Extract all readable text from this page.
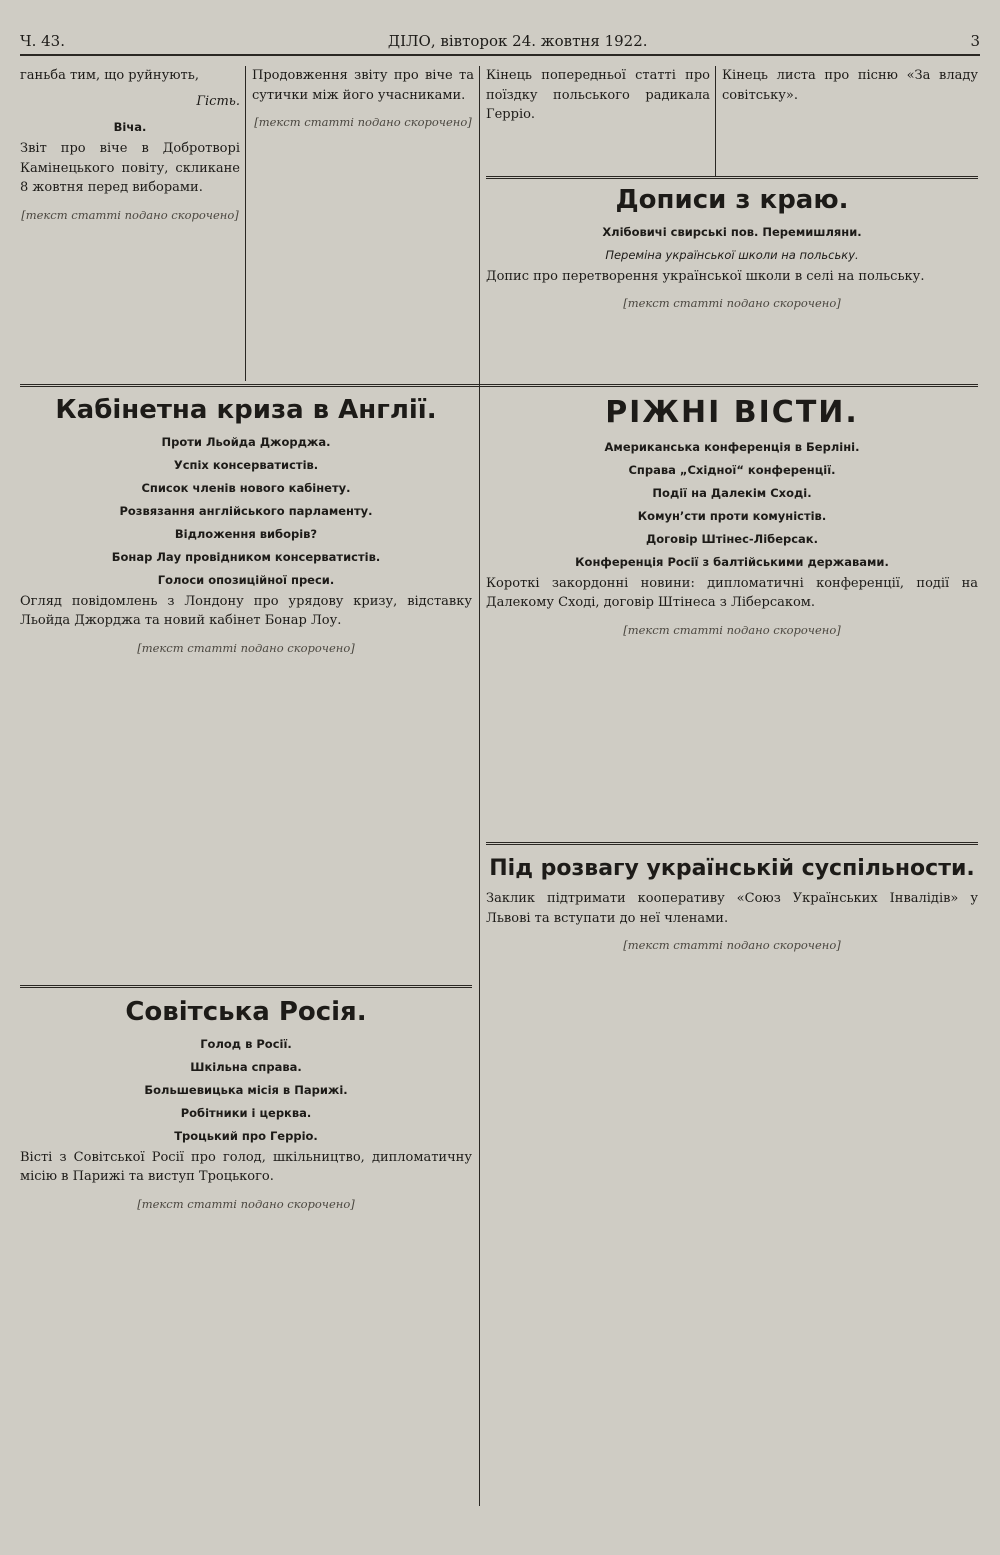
Ч. 43.	ДІЛО, вівторок 24. жовтня 1922.	3

ганьба тим, що руйнують,

Гість.

Віча.

Звіт про віче в Добротворі Камінецького повіту, скликане 8 жовтня перед виборами.

[текст статті подано скорочено]

Продовження звіту про віче та сутички між його учасниками.

[текст статті подано скорочено]

Кінець попередньої статті про поїздку польського радикала Герріо.

Кінець листа про пісню «За владу совітську».

Дописи з краю.
Хлібовичі свирські пов. Перемишляни.
Переміна української школи на польську.

Допис про перетворення української школи в селі на польську.

[текст статті подано скорочено]

Кабінетна криза в Англії.
Проти Льойда Джорджа.
Успіх консерватистів.
Список членів нового кабінету.
Розвязання англійського парламенту.
Відложення виборів?
Бонар Лау провідником консерватистів.
Голоси опозиційної преси.

Огляд повідомлень з Лондону про урядову кризу, відставку Льойда Джорджа та новий кабінет Бонар Лоу.

[текст статті подано скорочено]

РІЖНІ ВІСТИ.
Американська конференція в Берліні.
Справа „Східної“ конференції.
Події на Далекім Сході.
Комун’сти проти комуністів.
Договір Штінес-Ліберсак.
Конференція Росії з балтійськими державами.

Короткі закордонні новини: дипломатичні конференції, події на Далекому Сході, договір Штінеса з Ліберсаком.

[текст статті подано скорочено]

Під розвагу українській суспільности.

Заклик підтримати кооперативу «Союз Українських Інвалідів» у Львові та вступати до неї членами.

[текст статті подано скорочено]

Совітська Росія.
Голод в Росії.
Шкільна справа.
Большевицька місія в Парижі.
Робітники і церква.
Троцький про Герріо.

Вісті з Совітської Росії про голод, шкільництво, дипломатичну місію в Парижі та виступ Троцького.

[текст статті подано скорочено]
